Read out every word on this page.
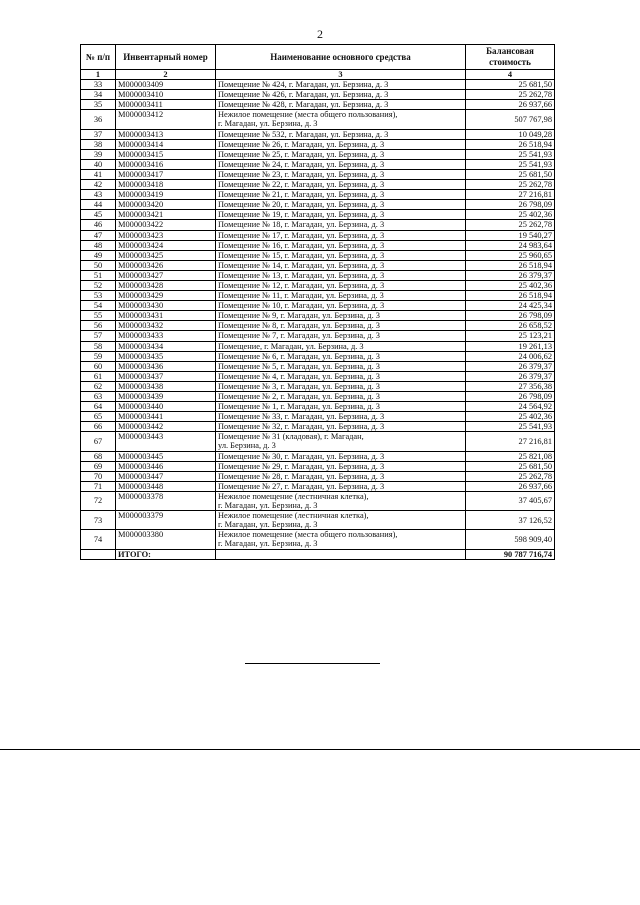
2
№ п/п	Инвентарный номер	Наименование основного средства	Балансовая стоимость
1	2	3	4
33	М000003409	Помещение № 424, г. Магадан, ул. Берзина, д. 3	25 681,50
34	М000003410	Помещение № 426, г. Магадан, ул. Берзина, д. 3	25 262,78
35	М000003411	Помещение № 428, г. Магадан, ул. Берзина, д. 3	26 937,66
36	М000003412	Нежилое помещение (места общего пользования),
г. Магадан, ул. Берзина, д. 3	507 767,98
37	М000003413	Помещение № 532, г. Магадан, ул. Берзина, д. 3	10 049,28
38	М000003414	Помещение № 26, г. Магадан, ул. Берзина, д. 3	26 518,94
39	М000003415	Помещение № 25, г. Магадан, ул. Берзина, д. 3	25 541,93
40	М000003416	Помещение № 24, г. Магадан, ул. Берзина, д. 3	25 541,93
41	М000003417	Помещение № 23, г. Магадан, ул. Берзина, д. 3	25 681,50
42	М000003418	Помещение № 22, г. Магадан, ул. Берзина, д. 3	25 262,78
43	М000003419	Помещение № 21, г. Магадан, ул. Берзина, д. 3	27 216,81
44	М000003420	Помещение № 20, г. Магадан, ул. Берзина, д. 3	26 798,09
45	М000003421	Помещение № 19, г. Магадан, ул. Берзина, д. 3	25 402,36
46	М000003422	Помещение № 18, г. Магадан, ул. Берзина, д. 3	25 262,78
47	М000003423	Помещение № 17, г. Магадан, ул. Берзина, д. 3	19 540,27
48	М000003424	Помещение № 16, г. Магадан, ул. Берзина, д. 3	24 983,64
49	М000003425	Помещение № 15, г. Магадан, ул. Берзина, д. 3	25 960,65
50	М000003426	Помещение № 14, г. Магадан, ул. Берзина, д. 3	26 518,94
51	М000003427	Помещение № 13, г. Магадан, ул. Берзина, д. 3	26 379,37
52	М000003428	Помещение № 12, г. Магадан, ул. Берзина, д. 3	25 402,36
53	М000003429	Помещение № 11, г. Магадан, ул. Берзина, д. 3	26 518,94
54	М000003430	Помещение № 10, г. Магадан, ул. Берзина, д. 3	24 425,34
55	М000003431	Помещение № 9, г. Магадан, ул. Берзина, д. 3	26 798,09
56	М000003432	Помещение № 8, г. Магадан, ул. Берзина, д. 3	26 658,52
57	М000003433	Помещение № 7, г. Магадан, ул. Берзина, д. 3	25 123,21
58	М000003434	Помещение, г. Магадан, ул. Берзина, д. 3	19 261,13
59	М000003435	Помещение № 6, г. Магадан, ул. Берзина, д. 3	24 006,62
60	М000003436	Помещение № 5, г. Магадан, ул. Берзина, д. 3	26 379,37
61	М000003437	Помещение № 4, г. Магадан, ул. Берзина, д. 3	26 379,37
62	М000003438	Помещение № 3, г. Магадан, ул. Берзина, д. 3	27 356,38
63	М000003439	Помещение № 2, г. Магадан, ул. Берзина, д. 3	26 798,09
64	М000003440	Помещение № 1, г. Магадан, ул. Берзина, д. 3	24 564,92
65	М000003441	Помещение № 33, г. Магадан, ул. Берзина, д. 3	25 402,36
66	М000003442	Помещение № 32, г. Магадан, ул. Берзина, д. 3	25 541,93
67	М000003443	Помещение № 31 (кладовая), г. Магадан,
ул. Берзина, д. 3	27 216,81
68	М000003445	Помещение № 30, г. Магадан, ул. Берзина, д. 3	25 821,08
69	М000003446	Помещение № 29, г. Магадан, ул. Берзина, д. 3	25 681,50
70	М000003447	Помещение № 28, г. Магадан, ул. Берзина, д. 3	25 262,78
71	М000003448	Помещение № 27, г. Магадан, ул. Берзина, д. 3	26 937,66
72	М000003378	Нежилое помещение (лестничная клетка),
г. Магадан, ул. Берзина, д. 3	37 405,67
73	М000003379	Нежилое помещение (лестничная клетка),
г. Магадан, ул. Берзина, д. 3	37 126,52
74	М000003380	Нежилое помещение (места общего пользования),
г. Магадан, ул. Берзина, д. 3	598 909,40
	ИТОГО:		90 787 716,74
